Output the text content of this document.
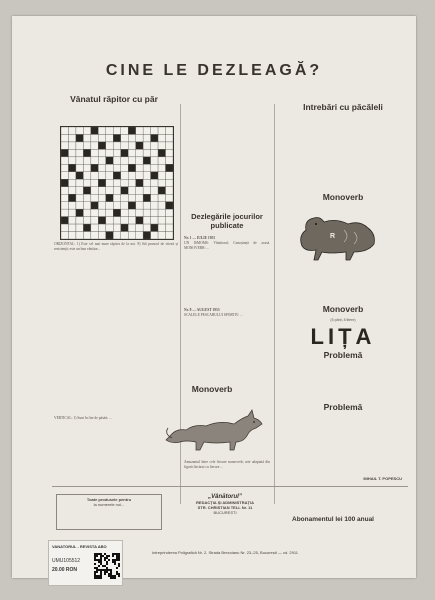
CINE LE DEZLEAGĂ?
Vânatul răpitor cu păr

ORIZONTAL: 1) Este cel mai mare răpitor de la noi. 8) Stă pruncul de viteză și rezistență; este un bun vânător...

VERTICAL: 1) Sunt în fire de păsări; ...

Dezlegările jocurilor publicate

Nr. 1 — IULIE 1955

UN ISMOMS: Vânătorul; Cunoștință de acasă. MONOVERB: ...

Nr. 8 — AUGUST 1955

SCALELE PESCARULUI SPORTIV: ...

Monoverb
Amuzantul între cele fiecare monoverb; arte adaptată din figură fiecărui cu fiecare ...
Intrebări cu păcăleli

Monoverb
R

Monoverb
(5 părți, 8 litere)
LIȚA
Problemă

Problemă

MIHAIL T. POPESCU
Toate produsele pentru
la numerele noi...
„Vânătorul”
REDACȚIA ȘI ADMINISTRAȚIA
STR. CHRISTIAN TELL Nr. 11
BUCUREȘTI
Abonamentul lei 100 anual
Intreprinderea Poligrafică Nr. 2, Strada Brezoianu Nr. 23–25, București — cd. 2911
VANATORUL - REVISTA ABO
UMU105512
20.00 RON
